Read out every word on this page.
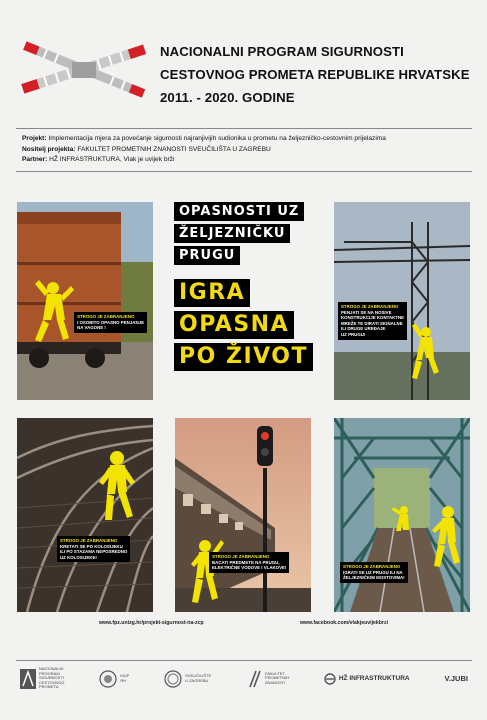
NACIONALNI PROGRAM SIGURNOSTI
CESTOVNOG PROMETA REPUBLIKE HRVATSKE
2011. - 2020. GODINE
Projekt: Implementacija mjera za povećanje sigurnosti najranjivijih sudionika u prometu na željezničko-cestovnim prijelazima
Nositelj projekta: FAKULTET PROMETNIH ZNANOSTI SVEUČILIŠTA U ZAGREBU
Partner: HŽ INFRASTRUKTURA, Vlak je uvijek brži
STROGO JE ZABRANJENO
I OSOBITO OPASNO PENJANJE
NA VAGONE !
OPASNOSTI UZ
ŽELJEZNIČKU
PRUGU
IGRA
OPASNA
PO ŽIVOT
STROGO JE ZABRANJENO
PENJATI SE NA NOSIVE
KONSTRUKCIJE KONTAKTNE
MREŽE TE DIRATI SIGNALNE
ILI DRUGE UREĐAJE
UZ PRUGU!
STROGO JE ZABRANJENO
KRETATI SE PO KOLOSIJEKU
ILI PO STAZAMA NEPOSREDNO
UZ KOLOSIJEKE!	STROGO JE ZABRANJENO
BACATI PREDMETE NA PRUGU,
ELEKTRIČNE VODOVE I VLAKOVE!	STROGO JE ZABRANJENO
IGRATI SE UZ PRUGU ILI NA
ŽELJEZNIČKIM MOSTOVIMA!
www.fpz.unizg.hr/projekt-sigurnost-na-zcp	www.facebook.com/vlakjeuvijekbrzi
NACIONALNI
PROGRAM
SIGURNOSTI
CESTOVNOG
PROMETA
MUP
RH
SVEUČILIŠTE
U ZAGREBU
FAKULTET
PROMETNIH
ZNANOSTI
HŽ INFRASTRUKTURA	V.JUBI
